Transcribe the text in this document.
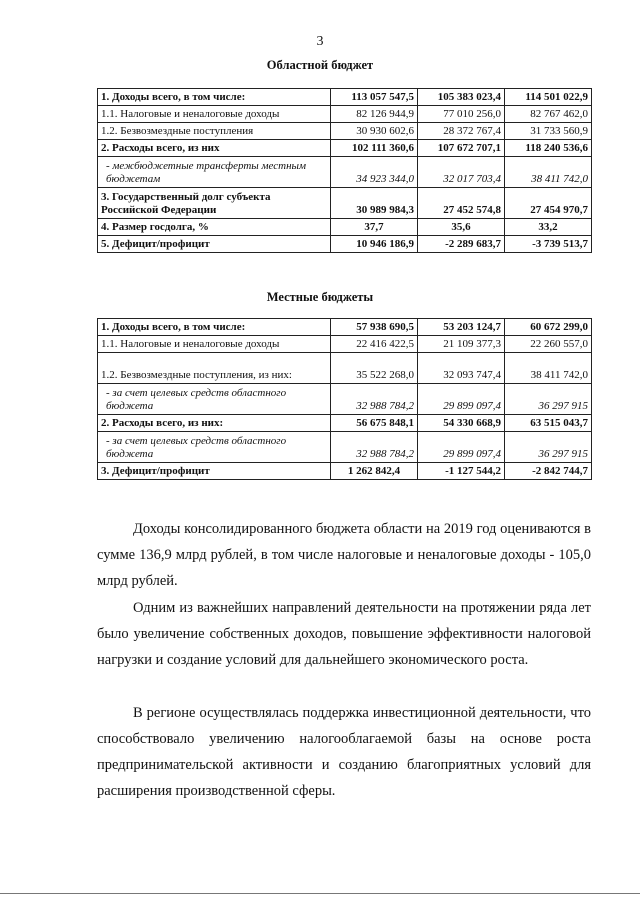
3
Областной бюджет
1. Доходы всего, в том числе:	113 057 547,5	105 383 023,4	114 501 022,9
1.1. Налоговые и неналоговые доходы	82 126 944,9	77 010 256,0	82 767 462,0
1.2. Безвозмездные поступления	30 930 602,6	28 372 767,4	31 733 560,9
2. Расходы всего, из них	102 111 360,6	107 672 707,1	118 240 536,6
- межбюджетные трансферты местным бюджетам	34 923 344,0	32 017 703,4	38 411 742,0
3. Государственный долг субъекта Российской Федерации	30 989 984,3	27 452 574,8	27 454 970,7
4. Размер госдолга, %	37,7	35,6	33,2
5. Дефицит/профицит	10 946 186,9	-2 289 683,7	-3 739 513,7
Местные бюджеты
1. Доходы всего, в том числе:	57 938 690,5	53 203 124,7	60 672 299,0
1.1. Налоговые и неналоговые доходы	22 416 422,5	21 109 377,3	22 260 557,0
1.2. Безвозмездные поступления, из них:	35 522 268,0	32 093 747,4	38 411 742,0
- за счет целевых средств областного бюджета	32 988 784,2	29 899 097,4	36 297 915
2. Расходы всего, из них:	56 675 848,1	54 330 668,9	63 515 043,7
- за счет целевых средств областного бюджета	32 988 784,2	29 899 097,4	36 297 915
3. Дефицит/профицит	1 262 842,4	-1 127 544,2	-2 842 744,7

Доходы консолидированного бюджета области на 2019 год оцениваются в сумме 136,9 млрд рублей, в том числе налоговые и неналоговые доходы - 105,0 млрд рублей.

Одним из важнейших направлений деятельности на протяжении ряда лет было увеличение собственных доходов, повышение эффективности налоговой нагрузки и создание условий для дальнейшего экономического роста.

В регионе осуществлялась поддержка инвестиционной деятельности, что способствовало увеличению налогооблагаемой базы на основе роста предпринимательской активности и созданию благоприятных условий для расширения производственной сферы.
